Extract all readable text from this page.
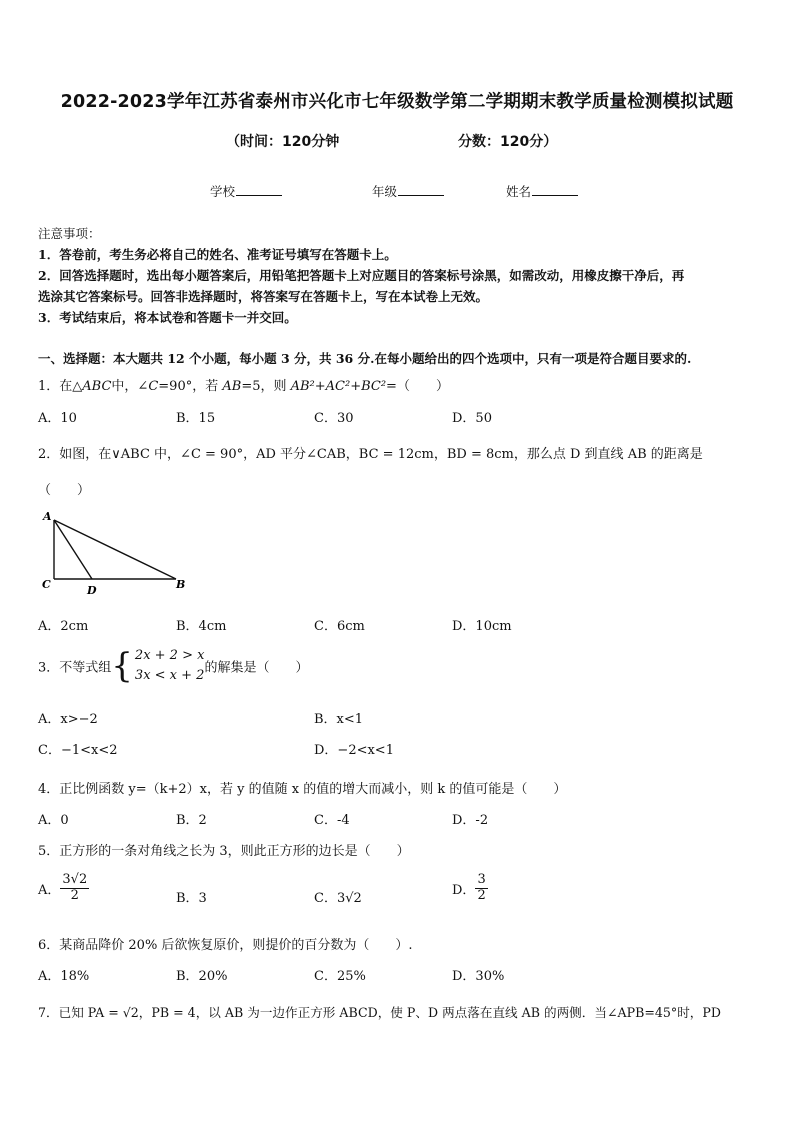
2022-2023学年江苏省泰州市兴化市七年级数学第二学期期末教学质量检测模拟试题
（时间：120分钟	分数：120分）
学校	年级	姓名
注意事项：
1．答卷前，考生务必将自己的姓名、准考证号填写在答题卡上。
2．回答选择题时，选出每小题答案后，用铅笔把答题卡上对应题目的答案标号涂黑，如需改动，用橡皮擦干净后，再
选涂其它答案标号。回答非选择题时，将答案写在答题卡上，写在本试卷上无效。
3．考试结束后，将本试卷和答题卡一并交回。
一、选择题：本大题共 12 个小题，每小题 3 分，共 36 分.在每小题给出的四个选项中，只有一项是符合题目要求的.
1．在△ABC中，∠C=90°，若 AB=5，则 AB²+AC²+BC²=（　　）
A．10	B．15	C．30	D．50
2．如图，在∨ABC 中，∠C = 90°，AD 平分∠CAB，BC = 12cm，BD = 8cm，那么点 D 到直线 AB 的距离是
（　　）
A
C	D	B
A．2cm	B．4cm	C．6cm	D．10cm
3．不等式组{ 2x + 2 > x
3x < x + 2 的解集是（　　）
A．x>−2	B．x<1
C．−1<x<2	D．−2<x<1
4．正比例函数 y=（k+2）x，若 y 的值随 x 的值的增大而减小，则 k 的值可能是（　　）
A．0	B．2	C．-4	D．-2
5．正方形的一条对角线之长为 3，则此正方形的边长是（　　）
A． $\frac{3√2}{2}$	B．3	C．3√2
D． $\frac{3}{2}$
6．某商品降价 20% 后欲恢复原价，则提价的百分数为（　　）.
A．18%	B．20%	C．25%	D．30%
7．已知 PA = √2，PB = 4，以 AB 为一边作正方形 ABCD，使 P、D 两点落在直线 AB 的两侧．当∠APB=45°时，PD
